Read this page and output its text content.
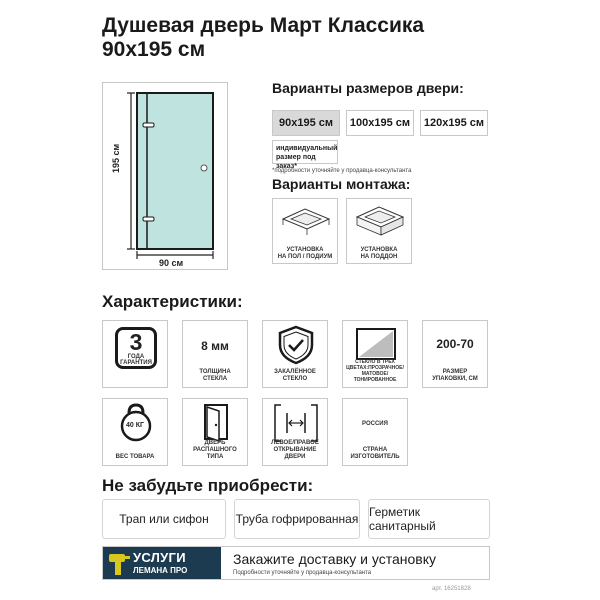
Душевая дверь Март Классика
90x195 см
195 см
90 см
Варианты размеров двери:
90x195 см	100x195 см	120x195 см
индивидуальный
размер под заказ*
*подробности уточняйте у продавца-консультанта
Варианты монтажа:
УСТАНОВКА
НА ПОЛ / ПОДИУМ
УСТАНОВКА
НА ПОДДОН
Характеристики:
3
ГОДА
ГАРАНТИЯ
8 мм
ТОЛЩИНА
СТЕКЛА
ЗАКАЛЁННОЕ
СТЕКЛО
СТЕКЛО В ТРЕХ
ЦВЕТАХ:ПРОЗРАЧНОЕ/
МАТОВОЕ/ТОНИРОВАННОЕ
200-70
РАЗМЕР
УПАКОВКИ, СМ
40 КГ
ВЕС ТОВАРА
ДВЕРЬ
РАСПАШНОГО ТИПА
ЛЕВОЕ/ПРАВОЕ
ОТКРЫВАНИЕ ДВЕРИ
РОССИЯ
СТРАНА
ИЗГОТОВИТЕЛЬ
Не забудьте приобрести:
Трап или сифон	Труба гофрированная Герметик санитарный
УСЛУГИ
ЛЕМАНА ПРО
Закажите доставку и установку
Подробности уточняйте у продавца-консультанта
арт. 16251828
